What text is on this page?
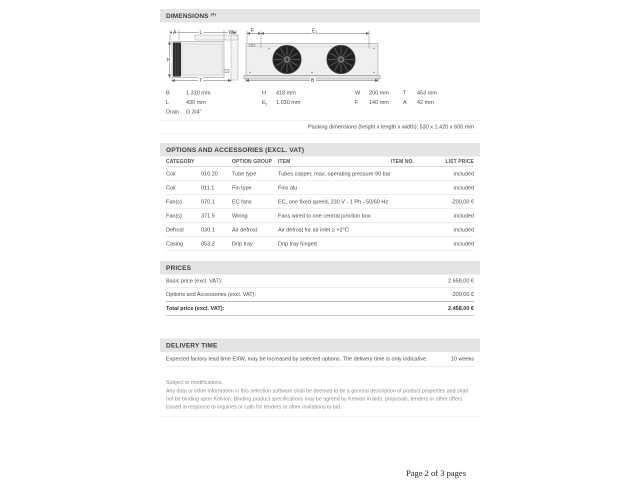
DIMENSIONS $^{(4)}$
A L	W
H
T
F	E 1
B
B	1.310 mm
L	430 mm
Drain G 3/4"
H 418 mm
$E_1$ 1.030 mm
W 200 mm
F 140 mm
T 453 mm
A 42 mm
Packing dimensions (height x length x width): 530 x 1.420 x 600 mm
OPTIONS AND ACCESSORIES (EXCL. VAT)
CATEGORY	OPTION GROUP ITEM	ITEM NO.	LIST PRICE
Coil	010.20	Tube type	Tubes copper, max. operating pressure 90 bar	included
Coil	011.1	Fin type	Fins alu	included
Fan(s)	070.1	EC fans	EC, one fixed speed, 230 V - 1 Ph - 50/60 Hz	-200,00 €
Fan(s)	371.5	Wiring	Fans wired to one central junction box	included
Defrost	030.1	Air defrost	Air defrost for air inlet ≥ +2°C	included
Casing	053.2	Drip tray	Drip tray hinged	included
PRICES
Basic price (excl. VAT):	2.658,00 €
Options and Accessories (excl. VAT):	-200,00 €
Total price (excl. VAT):	2.458,00 €
DELIVERY TIME
Expected factory lead time EXW, may be increased by selected options. The delivery time is only indicative. 10 weeks
Subject to modifications.
Any data or other information in this selection software shall be deemed to be a general description of product properties and shall not be binding upon Kelvion. Binding product specifications may be agreed by Kelvion in bids, proposals, tenders or other offers issued in response to inquiries or calls for tenders or other invitations to bid.
Page 2 of 3 pages
